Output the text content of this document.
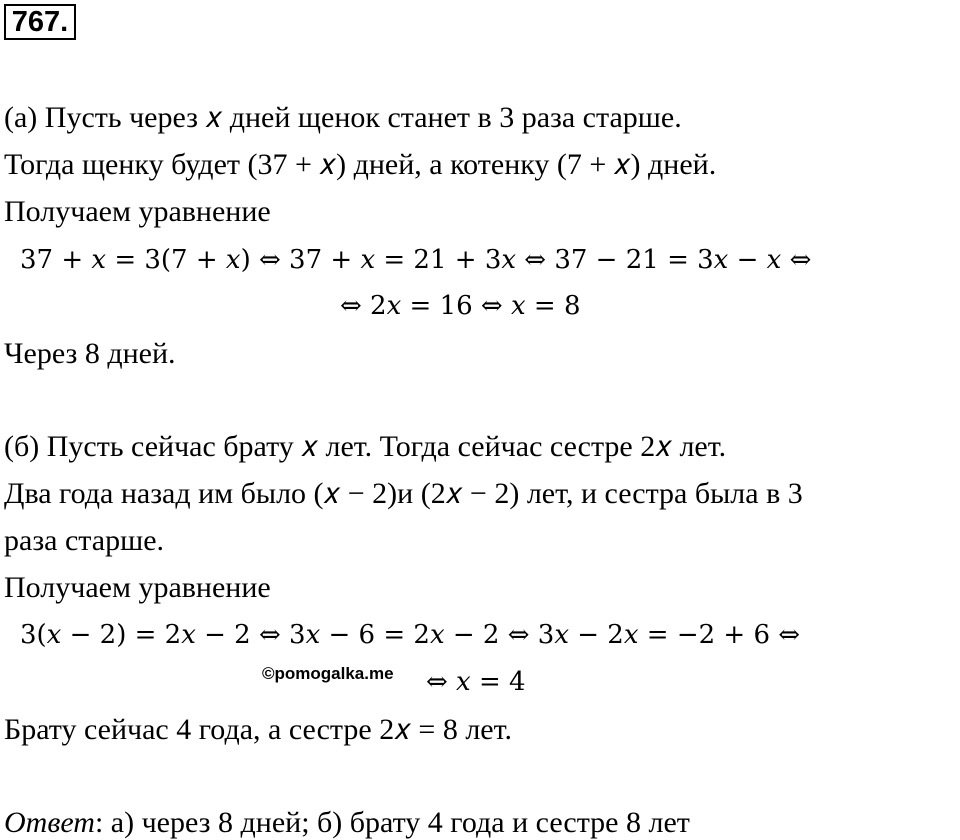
767.
(а) Пусть через 𝑥 дней щенок станет в 3 раза старше.
Тогда щенку будет (37 + 𝑥) дней, а котенку (7 + 𝑥) дней.
Получаем уравнение
37 + 𝑥 = 3(7 + 𝑥) ⇔ 37 + 𝑥 = 21 + 3𝑥 ⇔ 37 − 21 = 3𝑥 − 𝑥 ⇔
⇔ 2𝑥 = 16 ⇔ 𝑥 = 8
Через 8 дней.
(б) Пусть сейчас брату 𝑥 лет. Тогда сейчас сестре 2𝑥 лет.
Два года назад им было (𝑥 − 2)и (2𝑥 − 2) лет, и сестра была в 3
раза старше.
Получаем уравнение
3(𝑥 − 2) = 2𝑥 − 2 ⇔ 3𝑥 − 6 = 2𝑥 − 2 ⇔ 3𝑥 − 2𝑥 = −2 + 6 ⇔
©pomogalka.me ⇔ 𝑥 = 4
Брату сейчас 4 года, а сестре 2𝑥 = 8 лет.
Ответ: а) через 8 дней; б) брату 4 года и сестре 8 лет
